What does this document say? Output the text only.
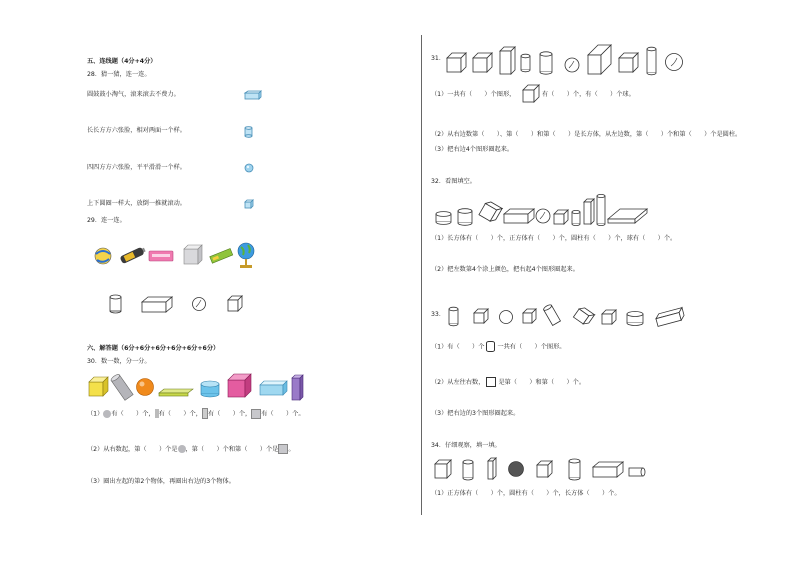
五、连线题（4分+4分）
28．猜一猜，连一连。
圆鼓鼓小淘气，滚来滚去不费力。
长长方方六张脸，相对两面一个样。
四四方方六张脸，平平滑滑一个样。
上下圆圈一样大，放倒一推就滚动。
29．连一连。
六、解答题（6分+6分+6分+6分+6分+6分）
30．数一数，分一分。
（1） 有（　　）个， 有（　　）个， 有（　　）个， 有（　　）个。
（2）从右数起，第（　　）个是 ，第（　　）个和第（　　）个是 。
（3）圈出左起的第2个物体，再圈出右边的3个物体。
31．
（1）一共有（　　）个图形，	有（　　）个，有（　　）个球。
（2）从右边数第（　　）、第（　　）和第（　　）是长方体，从左边数，第（　　）个和第（　　）个是圆柱。
（3）把右边4个图形圈起来。
32．看图填空。
（1）长方体有（　　）个，正方体有（　　）个，圆柱有（　　）个，球有（　　）个。
（2）把左数第4个涂上颜色，把右起4个图形圈起来。
33．
（1）有（　　）个 一共有（　　）个图形。
（2）从左往右数， 是第（　　）和第（　　）个。
（3）把右边的3个图形圈起来。
34．仔细观察，填一填。
（1）正方体有（　　）个，圆柱有（　　）个，长方体（　　）个。
